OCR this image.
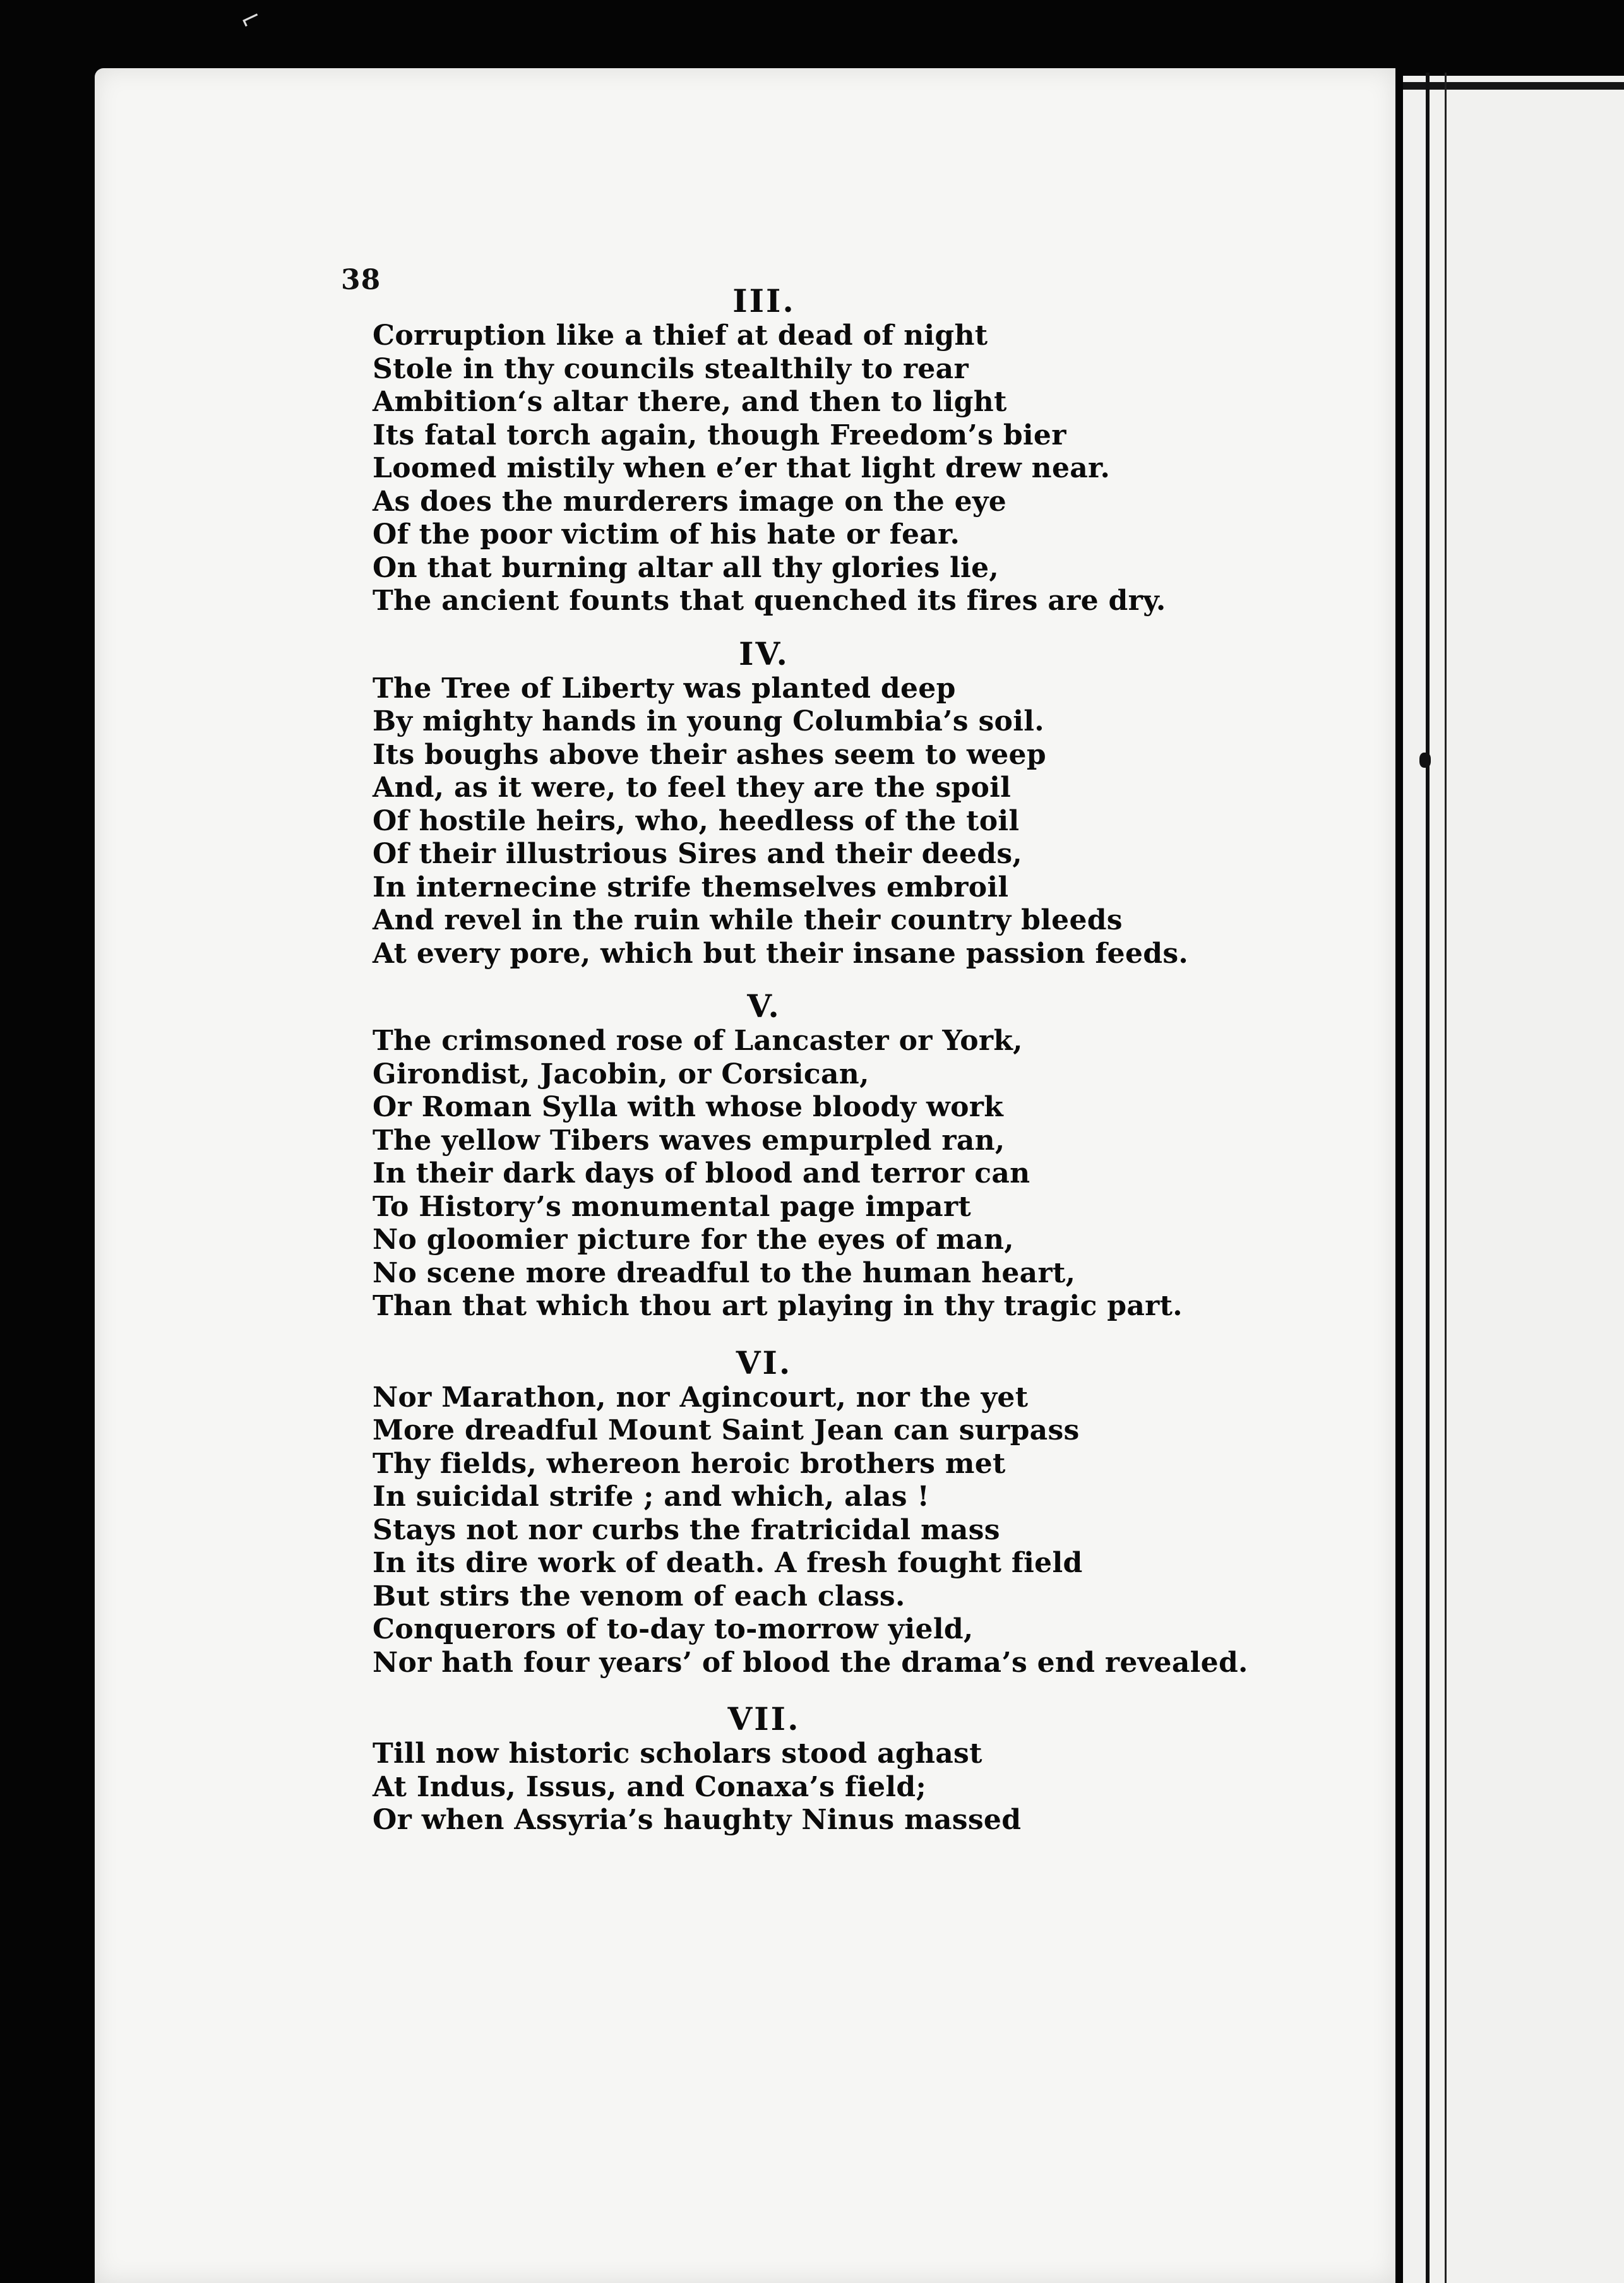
⌐
38
III.
Corruption like a thief at dead of night
Stole in thy councils stealthily to rear
Ambition‘s altar there, and then to light
Its fatal torch again, though Freedom’s bier
Loomed mistily when e’er that light drew near.
As does the murderers image on the eye
Of the poor victim of his hate or fear.
On that burning altar all thy glories lie,
The ancient founts that quenched its fires are dry.
IV.
The Tree of Liberty was planted deep
By mighty hands in young Columbia’s soil.
Its boughs above their ashes seem to weep
And, as it were, to feel they are the spoil
Of hostile heirs, who, heedless of the toil
Of their illustrious Sires and their deeds,
In internecine strife themselves embroil
And revel in the ruin while their country bleeds
At every pore, which but their insane passion feeds.
V.
The crimsoned rose of Lancaster or York,
Girondist, Jacobin, or Corsican,
Or Roman Sylla with whose bloody work
The yellow Tibers waves empurpled ran,
In their dark days of blood and terror can
To History’s monumental page impart
No gloomier picture for the eyes of man,
No scene more dreadful to the human heart,
Than that which thou art playing in thy tragic part.
VI.
Nor Marathon, nor Agincourt, nor the yet
More dreadful Mount Saint Jean can surpass
Thy fields, whereon heroic brothers met
In suicidal strife ; and which, alas !
Stays not nor curbs the fratricidal mass
In its dire work of death. A fresh fought field
But stirs the venom of each class.
Conquerors of to-day to-morrow yield,
Nor hath four years’ of blood the drama’s end revealed.
VII.
Till now historic scholars stood aghast
At Indus, Issus, and Conaxa’s field;
Or when Assyria’s haughty Ninus massed
